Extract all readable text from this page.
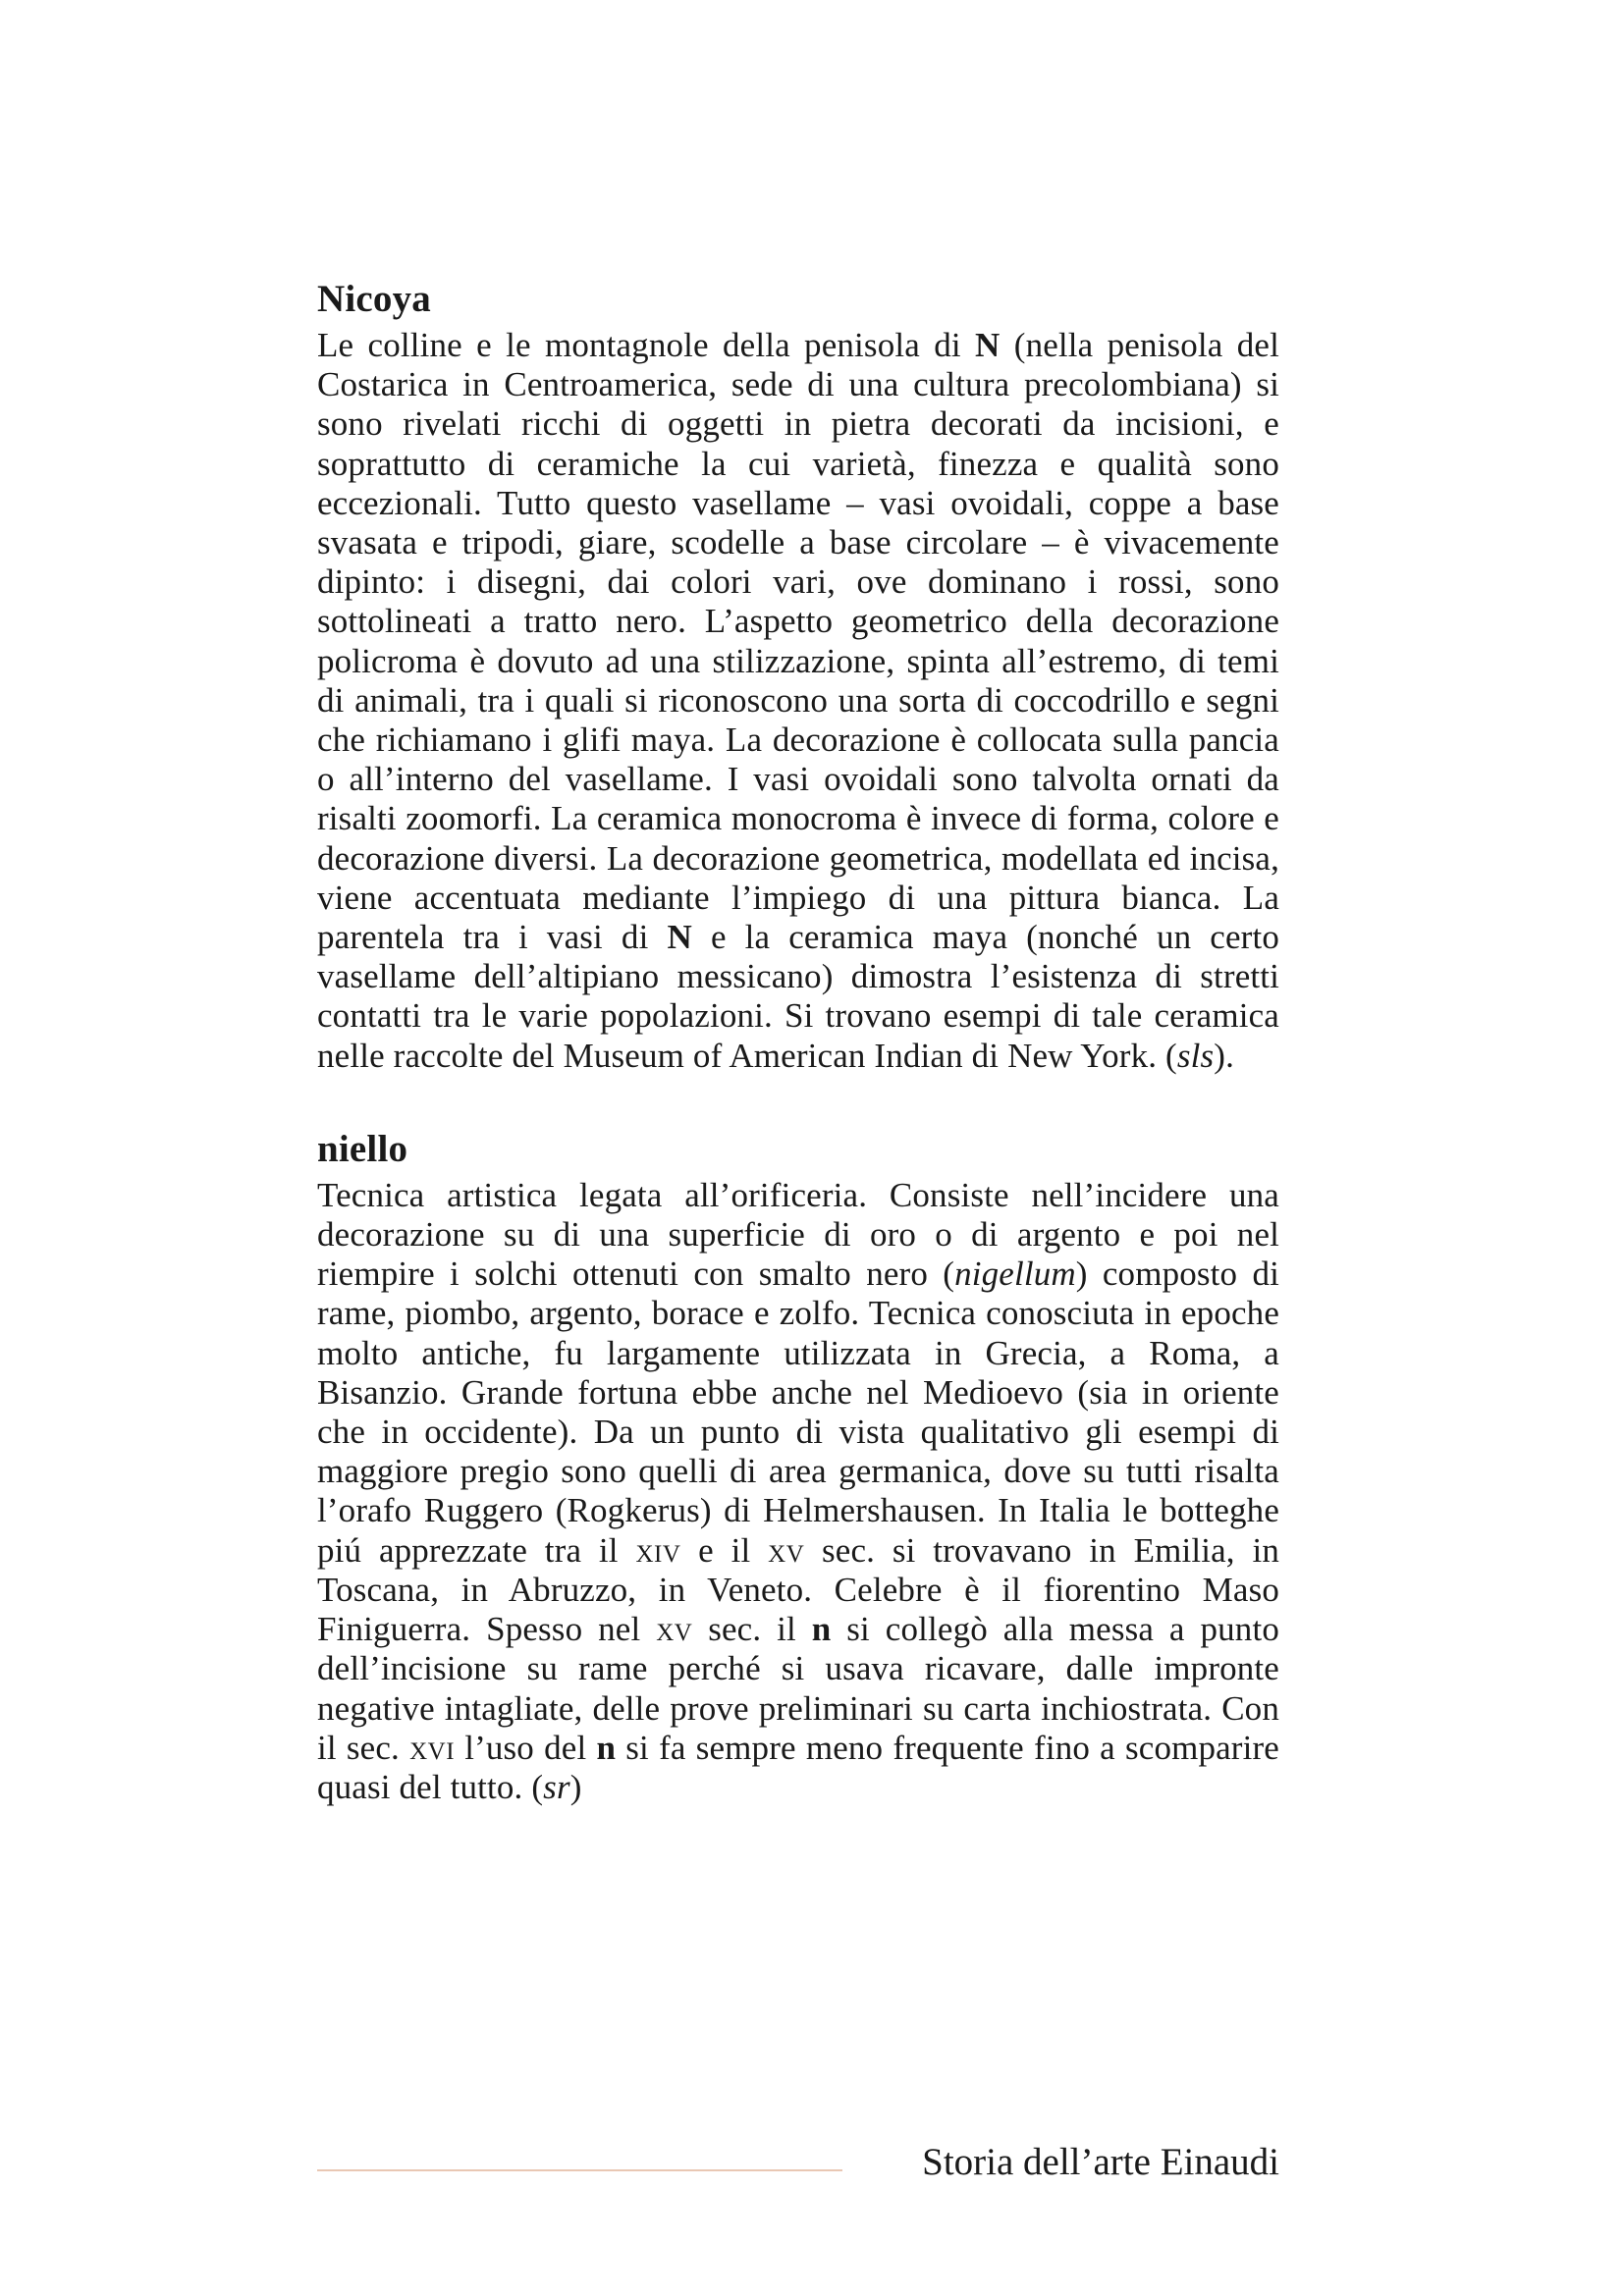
Nicoya

Le colline e le montagnole della penisola di N (nella penisola del Costarica in Centroamerica, sede di una cultura precolombiana) si sono rivelati ricchi di oggetti in pietra decorati da incisioni, e soprattutto di ceramiche la cui varietà, finezza e qualità sono eccezionali. Tutto questo vasellame – vasi ovoidali, coppe a base svasata e tripodi, giare, scodelle a base circolare – è vivacemente dipinto: i disegni, dai colori vari, ove dominano i rossi, sono sottolineati a tratto nero. L’aspetto geometrico della decorazione policroma è dovuto ad una stilizzazione, spinta all’estremo, di temi di animali, tra i quali si riconoscono una sorta di coccodrillo e segni che richiamano i glifi maya. La decorazione è collocata sulla pancia o all’interno del vasellame. I vasi ovoidali sono talvolta ornati da risalti zoomorfi. La ceramica monocroma è invece di forma, colore e decorazione diversi. La decorazione geometrica, modellata ed incisa, viene accentuata mediante l’impiego di una pittura bianca. La parentela tra i vasi di N e la ceramica maya (nonché un certo vasellame dell’altipiano messicano) dimostra l’esistenza di stretti contatti tra le varie popolazioni. Si trovano esempi di tale ceramica nelle raccolte del Museum of American Indian di New York. (sls).

niello

Tecnica artistica legata all’orificeria. Consiste nell’incidere una decorazione su di una superficie di oro o di argento e poi nel riempire i solchi ottenuti con smalto nero (nigellum) composto di rame, piombo, argento, borace e zolfo. Tecnica conosciuta in epoche molto antiche, fu largamente utilizzata in Grecia, a Roma, a Bisanzio. Grande fortuna ebbe anche nel Medioevo (sia in oriente che in occidente). Da un punto di vista qualitativo gli esempi di maggiore pregio sono quelli di area germanica, dove su tutti risalta l’orafo Ruggero (Rogkerus) di Helmershausen. In Italia le botteghe piú apprezzate tra il xiv e il xv sec. si trovavano in Emilia, in Toscana, in Abruzzo, in Veneto. Celebre è il fiorentino Maso Finiguerra. Spesso nel xv sec. il n si collegò alla messa a punto dell’incisione su rame perché si usava ricavare, dalle impronte negative intagliate, delle prove preliminari su carta inchiostrata. Con il sec. xvi l’uso del n si fa sempre meno frequente fino a scomparire quasi del tutto. (sr)

Storia dell’arte Einaudi
